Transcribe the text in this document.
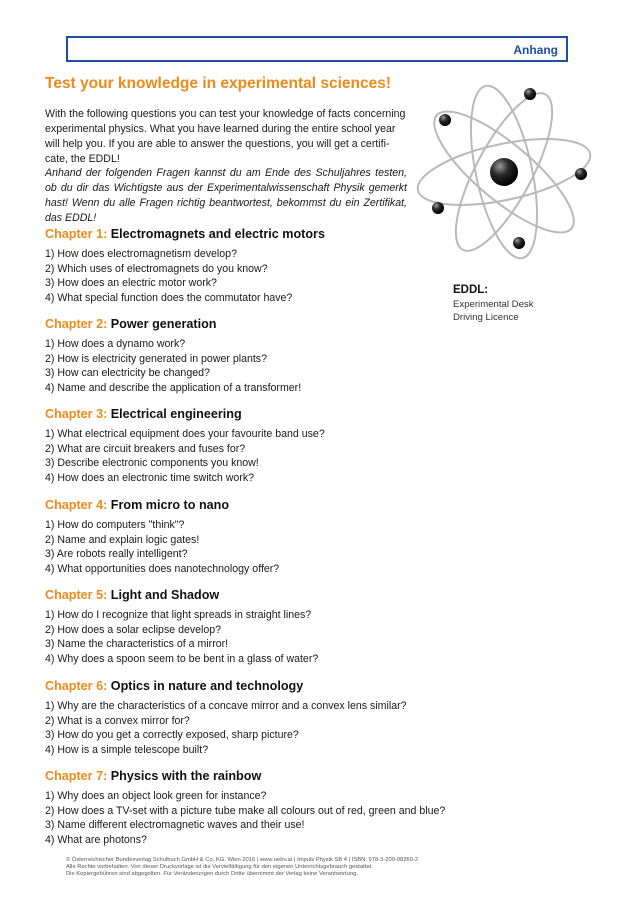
Anhang
Test your knowledge in experimental sciences!

With the following questions you can test your knowledge of facts concerning experimental physics. What you have learned during the entire school year will help you. If you are able to answer the questions, you will get a certificate, the EDDL!

Anhand der folgenden Fragen kannst du am Ende des Schuljahres testen, ob du dir das Wichtigste aus der Experimentalwissenschaft Physik gemerkt hast! Wenn du alle Fragen richtig beantwortest, bekommst du ein Zertifikat, das EDDL!

EDDL:
Experimental Desk
Driving Licence
Chapter 1: Electromagnets and electric motors
1) How does electromagnetism develop?
2) Which uses of electromagnets do you know?
3) How does an electric motor work?
4) What special function does the commutator have?
Chapter 2: Power generation
1) How does a dynamo work?
2) How is electricity generated in power plants?
3) How can electricity be changed?
4) Name and describe the application of a transformer!
Chapter 3: Electrical engineering
1) What electrical equipment does your favourite band use?
2) What are circuit breakers and fuses for?
3) Describe electronic components you know!
4) How does an electronic time switch work?
Chapter 4: From micro to nano
1) How do computers "think"?
2) Name and explain logic gates!
3) Are robots really intelligent?
4) What opportunities does nanotechnology offer?
Chapter 5: Light and Shadow
1) How do I recognize that light spreads in straight lines?
2) How does a solar eclipse develop?
3) Name the characteristics of a mirror!
4) Why does a spoon seem to be bent in a glass of water?
Chapter 6: Optics in nature and technology
1) Why are the characteristics of a concave mirror and a convex lens similar?
2) What is a convex mirror for?
3) How do you get a correctly exposed, sharp picture?
4) How is a simple telescope built?
Chapter 7: Physics with the rainbow
1) Why does an object look green for instance?
2) How does a TV-set with a picture tube make all colours out of red, green and blue?
3) Name different electromagnetic waves and their use!
4) What are photons?
© Österreichischer Bundesverlag Schulbuch GmbH & Co. KG, Wien 2016 | www.oebv.at | Impuls Physik SB 4 | ISBN: 978-3-209-08260-2
Alle Rechte vorbehalten. Von dieser Druckvorlage ist die Vervielfältigung für den eigenen Unterrichtsgebrauch gestattet.
Die Kopiergebühren sind abgegolten. Für Veränderungen durch Dritte übernimmt der Verlag keine Verantwortung.
